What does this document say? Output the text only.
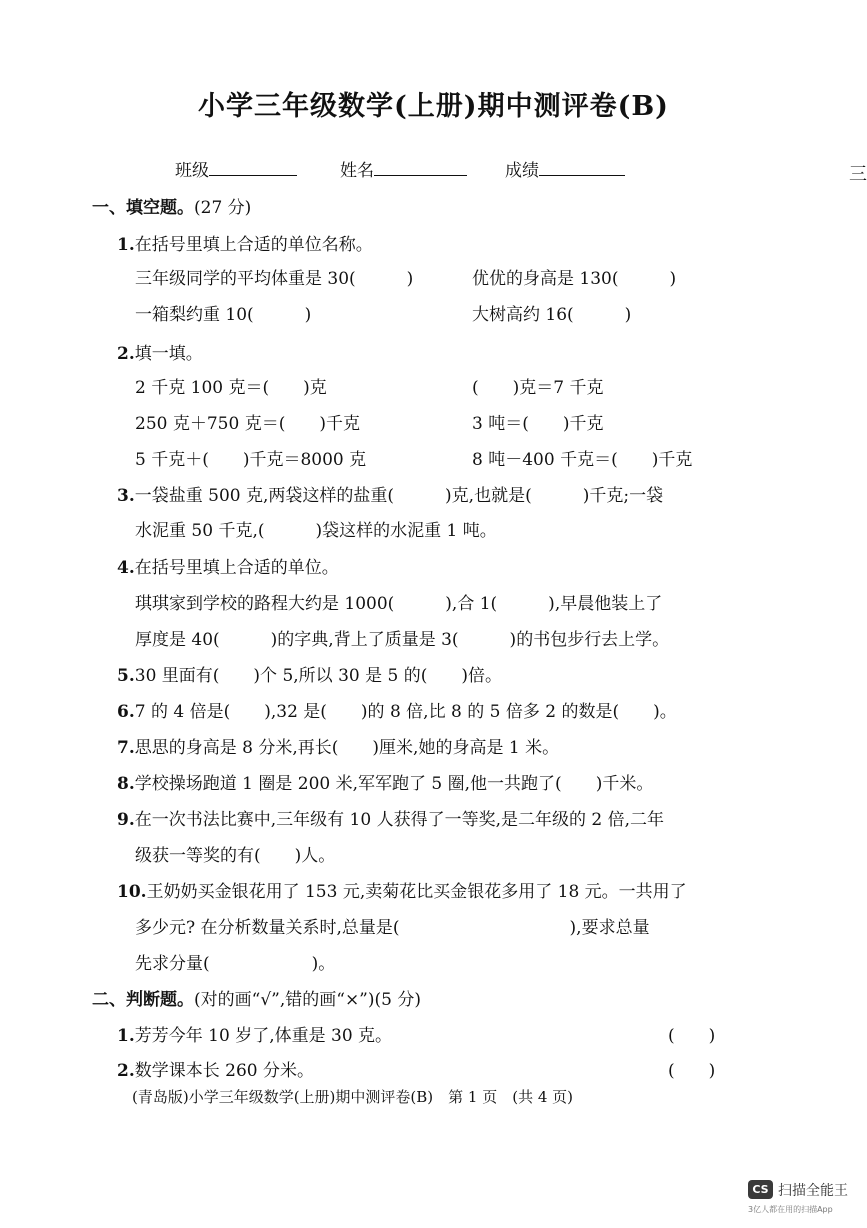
小学三年级数学(上册)期中测评卷(B)
班级	姓名	成绩	三
一、填空题。(27 分)
1.在括号里填上合适的单位名称。
三年级同学的平均体重是 30(　　　)	优优的身高是 130(　　　)
一箱梨约重 10(　　　)	大树高约 16(　　　)
2.填一填。
2 千克 100 克＝(　　)克	(　　)克＝7 千克
250 克＋750 克＝(　　)千克	3 吨＝(　　)千克
5 千克＋(　　)千克＝8000 克	8 吨－400 千克＝(　　)千克
3.一袋盐重 500 克,两袋这样的盐重(　　　)克,也就是(　　　)千克;一袋
水泥重 50 千克,(　　　)袋这样的水泥重 1 吨。
4.在括号里填上合适的单位。
琪琪家到学校的路程大约是 1000(　　　),合 1(　　　),早晨他装上了
厚度是 40(　　　)的字典,背上了质量是 3(　　　)的书包步行去上学。
5.30 里面有(　　)个 5,所以 30 是 5 的(　　)倍。
6.7 的 4 倍是(　　),32 是(　　)的 8 倍,比 8 的 5 倍多 2 的数是(　　)。
7.思思的身高是 8 分米,再长(　　)厘米,她的身高是 1 米。
8.学校操场跑道 1 圈是 200 米,军军跑了 5 圈,他一共跑了(　　)千米。
9.在一次书法比赛中,三年级有 10 人获得了一等奖,是二年级的 2 倍,二年
级获一等奖的有(　　)人。
10.王奶奶买金银花用了 153 元,卖菊花比买金银花多用了 18 元。一共用了
多少元? 在分析数量关系时,总量是(　　　　　　　　　　),要求总量
先求分量(　　　　　　)。
二、判断题。(对的画“√”,错的画“×”)(5 分)
1.芳芳今年 10 岁了,体重是 30 克。	(　　)
2.数学课本长 260 分米。	(　　)
(青岛版)小学三年级数学(上册)期中测评卷(B)　第 1 页　(共 4 页)
CS 扫描全能王
3亿人都在用的扫描App
